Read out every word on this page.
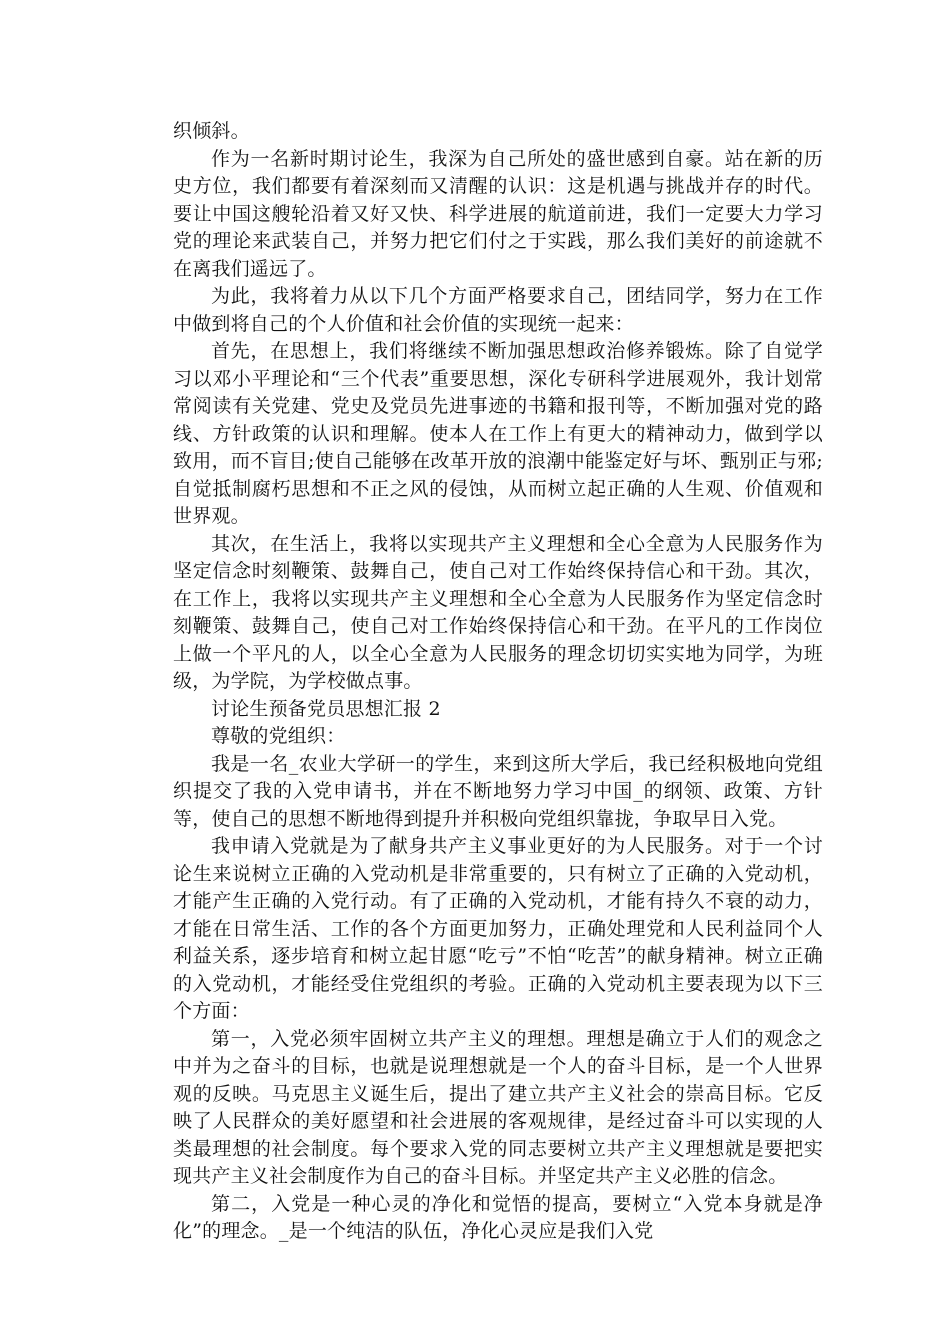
织倾斜。

作为一名新时期讨论生，我深为自己所处的盛世感到自豪。站在新的历史方位，我们都要有着深刻而又清醒的认识：这是机遇与挑战并存的时代。要让中国这艘轮沿着又好又快、科学进展的航道前进，我们一定要大力学习党的理论来武装自己，并努力把它们付之于实践，那么我们美好的前途就不在离我们遥远了。

为此，我将着力从以下几个方面严格要求自己，团结同学，努力在工作中做到将自己的个人价值和社会价值的实现统一起来：

首先，在思想上，我们将继续不断加强思想政治修养锻炼。除了自觉学习以邓小平理论和“三个代表”重要思想，深化专研科学进展观外，我计划常常阅读有关党建、党史及党员先进事迹的书籍和报刊等，不断加强对党的路线、方针政策的认识和理解。使本人在工作上有更大的精神动力，做到学以致用，而不盲目;使自己能够在改革开放的浪潮中能鉴定好与坏、甄别正与邪;自觉抵制腐朽思想和不正之风的侵蚀，从而树立起正确的人生观、价值观和世界观。

其次，在生活上，我将以实现共产主义理想和全心全意为人民服务作为坚定信念时刻鞭策、鼓舞自己，使自己对工作始终保持信心和干劲。其次，在工作上，我将以实现共产主义理想和全心全意为人民服务作为坚定信念时刻鞭策、鼓舞自己，使自己对工作始终保持信心和干劲。在平凡的工作岗位上做一个平凡的人，以全心全意为人民服务的理念切切实实地为同学，为班级，为学院，为学校做点事。

讨论生预备党员思想汇报 2

尊敬的党组织：

我是一名_农业大学研一的学生，来到这所大学后，我已经积极地向党组织提交了我的入党申请书，并在不断地努力学习中国_的纲领、政策、方针等，使自己的思想不断地得到提升并积极向党组织靠拢，争取早日入党。

我申请入党就是为了献身共产主义事业更好的为人民服务。对于一个讨论生来说树立正确的入党动机是非常重要的，只有树立了正确的入党动机，才能产生正确的入党行动。有了正确的入党动机，才能有持久不衰的动力，才能在日常生活、工作的各个方面更加努力，正确处理党和人民利益同个人利益关系，逐步培育和树立起甘愿“吃亏”不怕“吃苦”的献身精神。树立正确的入党动机，才能经受住党组织的考验。正确的入党动机主要表现为以下三个方面：

第一，入党必须牢固树立共产主义的理想。理想是确立于人们的观念之中并为之奋斗的目标，也就是说理想就是一个人的奋斗目标，是一个人世界观的反映。马克思主义诞生后，提出了建立共产主义社会的崇高目标。它反映了人民群众的美好愿望和社会进展的客观规律，是经过奋斗可以实现的人类最理想的社会制度。每个要求入党的同志要树立共产主义理想就是要把实现共产主义社会制度作为自己的奋斗目标。并坚定共产主义必胜的信念。

第二，入党是一种心灵的净化和觉悟的提高，要树立“入党本身就是净化”的理念。_是一个纯洁的队伍，净化心灵应是我们入党
